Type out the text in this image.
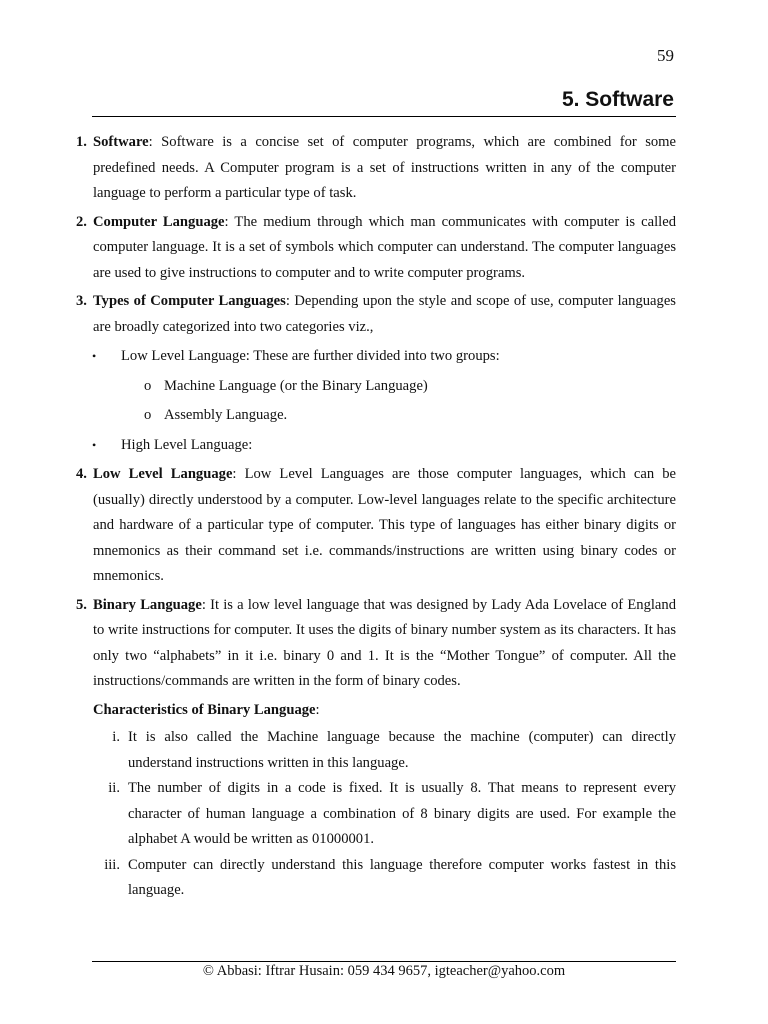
59
5. Software
1. Software: Software is a concise set of computer programs, which are combined for some predefined needs. A Computer program is a set of instructions written in any of the computer language to perform a particular type of task.
2. Computer Language: The medium through which man communicates with computer is called computer language. It is a set of symbols which computer can understand. The computer languages are used to give instructions to computer and to write computer programs.
3. Types of Computer Languages: Depending upon the style and scope of use, computer languages are broadly categorized into two categories viz.,
•	Low Level Language: These are further divided into two groups:
o Machine Language (or the Binary Language)
o Assembly Language.
•	High Level Language:
4. Low Level Language: Low Level Languages are those computer languages, which can be (usually) directly understood by a computer. Low-level languages relate to the specific architecture and hardware of a particular type of computer. This type of languages has either binary digits or mnemonics as their command set i.e. commands/instructions are written using binary codes or mnemonics.
5. Binary Language: It is a low level language that was designed by Lady Ada Lovelace of England to write instructions for computer. It uses the digits of binary number system as its characters. It has only two “alphabets” in it i.e. binary 0 and 1. It is the “Mother Tongue” of computer. All the instructions/commands are written in the form of binary codes.
Characteristics of Binary Language:
i. It is also called the Machine language because the machine (computer) can directly understand instructions written in this language.
ii. The number of digits in a code is fixed. It is usually 8. That means to represent every character of human language a combination of 8 binary digits are used. For example the alphabet A would be written as 01000001.
iii. Computer can directly understand this language therefore computer works fastest in this language.
© Abbasi: Iftrar Husain: 059 434 9657, igteacher@yahoo.com
